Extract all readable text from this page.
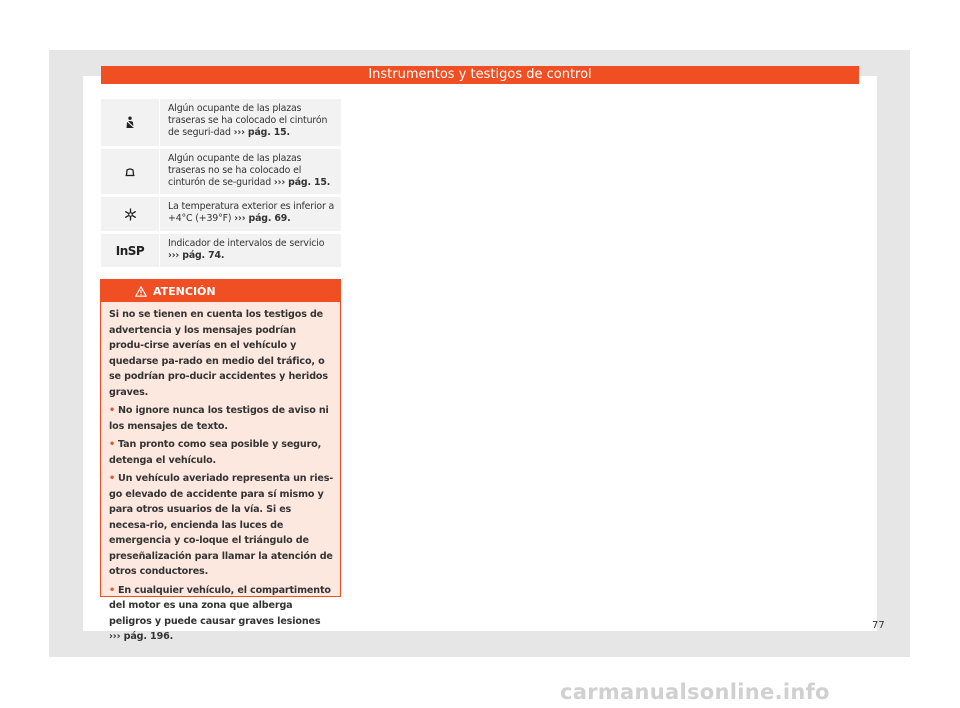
Instrumentos y testigos de control
Algún ocupante de las plazas traseras se ha colocado el cinturón de seguri-dad ››› pág. 15.
Algún ocupante de las plazas traseras no se ha colocado el cinturón de se-guridad ››› pág. 15.
La temperatura exterior es inferior a +4°C (+39°F) ››› pág. 69.
InSP	Indicador de intervalos de servicio ››› pág. 74.
ATENCIÓN

Si no se tienen en cuenta los testigos de advertencia y los mensajes podrían produ-cirse averías en el vehículo y quedarse pa-rado en medio del tráfico, o se podrían pro-ducir accidentes y heridos graves.

• No ignore nunca los testigos de aviso ni los mensajes de texto.

• Tan pronto como sea posible y seguro, detenga el vehículo.

• Un vehículo averiado representa un ries-go elevado de accidente para sí mismo y para otros usuarios de la vía. Si es necesa-rio, encienda las luces de emergencia y co-loque el triángulo de preseñalización para llamar la atención de otros conductores.

• En cualquier vehículo, el compartimento del motor es una zona que alberga peligros y puede causar graves lesiones
››› pág. 196.

77
carmanualsonline.info
